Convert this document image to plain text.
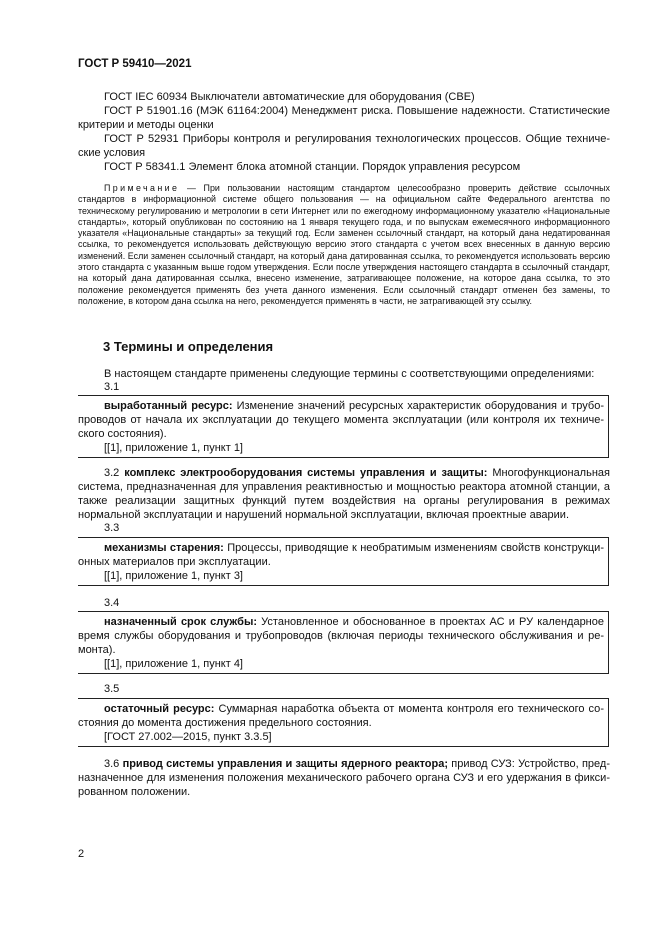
ГОСТ Р 59410—2021

ГОСТ IEC 60934 Выключатели автоматические для оборудования (СВЕ)

ГОСТ Р 51901.16 (МЭК 61164:2004) Менеджмент риска. Повышение надежности. Статистические критерии и методы оценки

ГОСТ Р 52931 Приборы контроля и регулирования технологических процессов. Общие технические условия

ГОСТ Р 58341.1 Элемент блока атомной станции. Порядок управления ресурсом

Примечание — При пользовании настоящим стандартом целесообразно проверить действие ссылочных стандартов в информационной системе общего пользования — на официальном сайте Федерального агентства по техническому регулированию и метрологии в сети Интернет или по ежегодному информационному указателю «Национальные стандарты», который опубликован по состоянию на 1 января текущего года, и по выпускам ежемесячного информационного указателя «Национальные стандарты» за текущий год. Если заменен ссылочный стандарт, на который дана недатированная ссылка, то рекомендуется использовать действующую версию этого стандарта с учетом всех внесенных в данную версию изменений. Если заменен ссылочный стандарт, на который дана датированная ссылка, то рекомендуется использовать версию этого стандарта с указанным выше годом утверждения. Если после утверждения настоящего стандарта в ссылочный стандарт, на который дана датированная ссылка, внесено изменение, затрагивающее положение, на которое дана ссылка, то это положение рекомендуется применять без учета данного изменения. Если ссылочный стандарт отменен без замены, то положение, в котором дана ссылка на него, рекомендуется применять в части, не затрагивающей эту ссылку.
3 Термины и определения
В настоящем стандарте применены следующие термины с соответствующими определениями:
3.1

выработанный ресурс: Изменение значений ресурсных характеристик оборудования и трубопроводов от начала их эксплуатации до текущего момента эксплуатации (или контроля их технического состояния).

[[1], приложение 1, пункт 1]

3.2 комплекс электрооборудования системы управления и защиты: Многофункциональная система, предназначенная для управления реактивностью и мощностью реактора атомной станции, а также реализации защитных функций путем воздействия на органы регулирования в режимах нормальной эксплуатации и нарушений нормальной эксплуатации, включая проектные аварии.
3.3

механизмы старения: Процессы, приводящие к необратимым изменениям свойств конструкционных материалов при эксплуатации.

[[1], приложение 1, пункт 3]

3.4

назначенный срок службы: Установленное и обоснованное в проектах АС и РУ календарное время службы оборудования и трубопроводов (включая периоды технического обслуживания и ремонта).

[[1], приложение 1, пункт 4]

3.5

остаточный ресурс: Суммарная наработка объекта от момента контроля его технического состояния до момента достижения предельного состояния.

[ГОСТ 27.002—2015, пункт 3.3.5]

3.6 привод системы управления и защиты ядерного реактора; привод СУЗ: Устройство, предназначенное для изменения положения механического рабочего органа СУЗ и его удержания в фиксированном положении.
2
